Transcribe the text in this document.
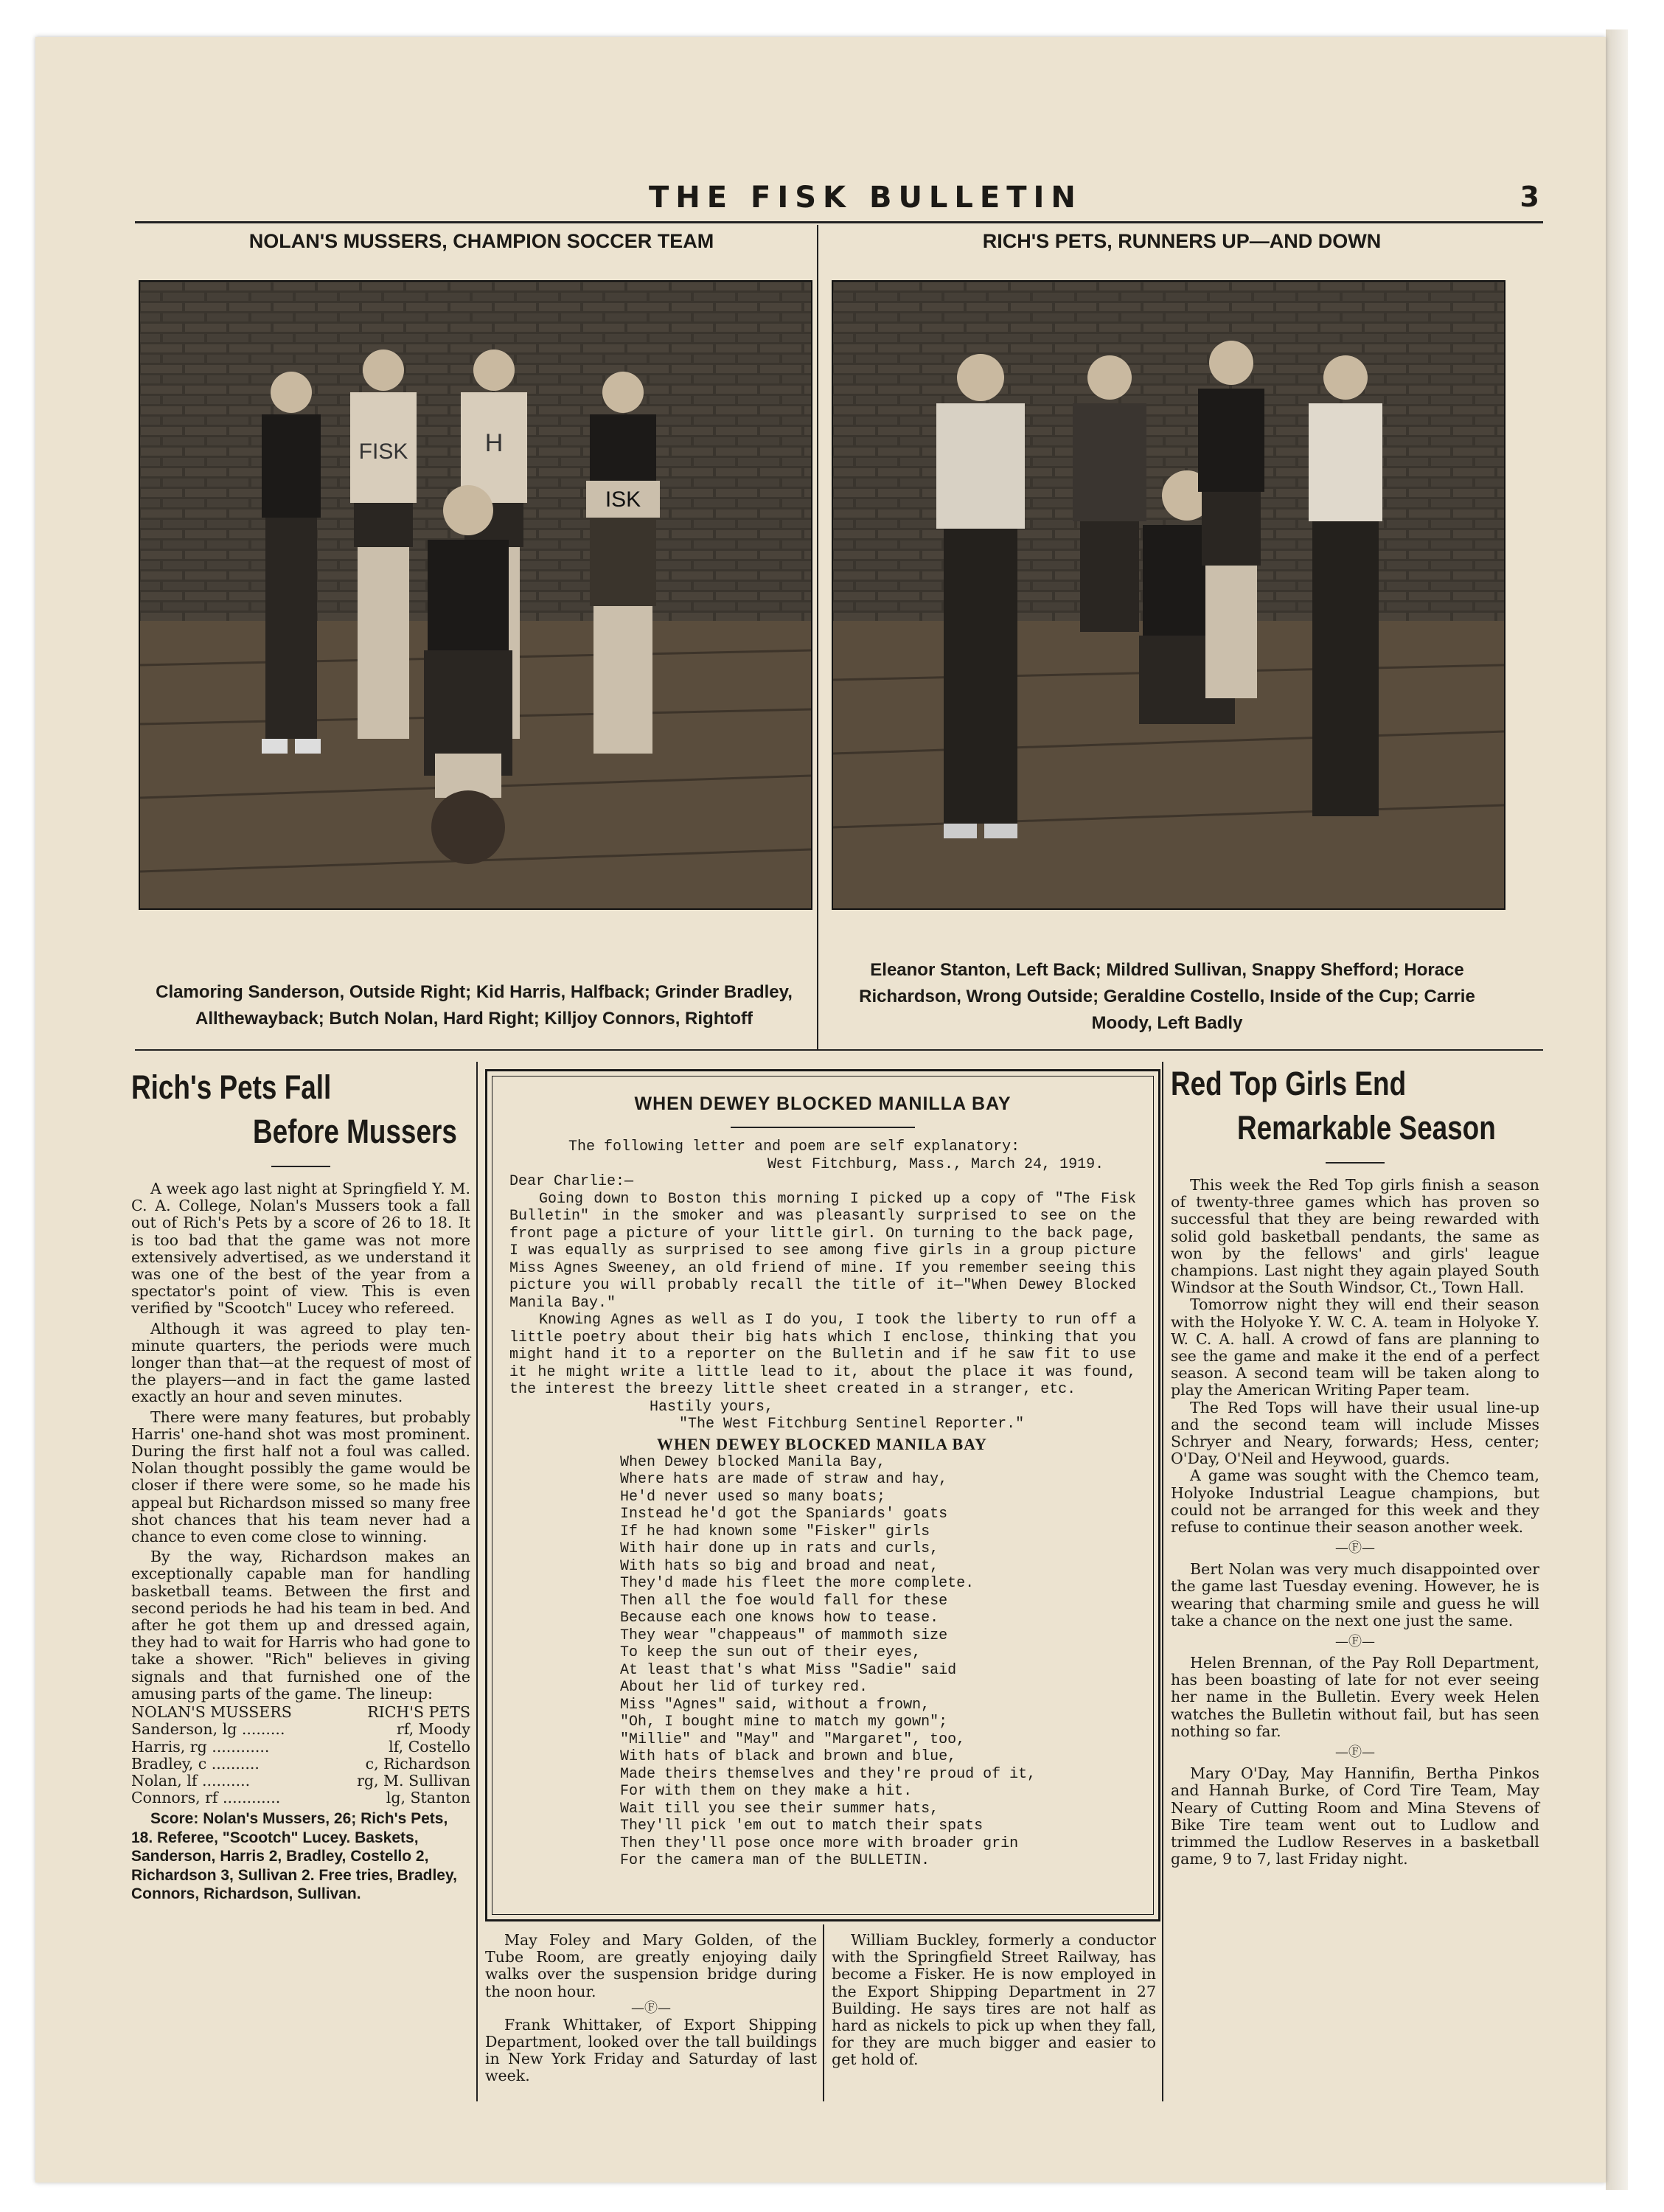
THE FISK BULLETIN	3
NOLAN'S MUSSERS, CHAMPION SOCCER TEAM	RICH'S PETS, RUNNERS UP—AND DOWN
FISK	H
ISK
Clamoring Sanderson, Outside Right; Kid Harris, Halfback; Grinder Bradley, Allthewayback; Butch Nolan, Hard Right; Killjoy Connors, Rightoff
Eleanor Stanton, Left Back; Mildred Sullivan, Snappy Shefford; Horace Richardson, Wrong Outside; Geraldine Costello, Inside of the Cup; Carrie Moody, Left Badly
Rich's Pets Fall
Before Mussers

A week ago last night at Springfield Y. M. C. A. College, Nolan's Mussers took a fall out of Rich's Pets by a score of 26 to 18. It is too bad that the game was not more extensively advertised, as we understand it was one of the best of the year from a spectator's point of view. This is even verified by "Scootch" Lucey who refereed.

Although it was agreed to play ten-minute quarters, the periods were much longer than that—at the request of most of the players—and in fact the game lasted exactly an hour and seven minutes.

There were many features, but probably Harris' one-hand shot was most prominent. During the first half not a foul was called. Nolan thought possibly the game would be closer if there were some, so he made his appeal but Richardson missed so many free shot chances that his team never had a chance to even come close to winning.

By the way, Richardson makes an exceptionally capable man for handling basketball teams. Between the first and second periods he had his team in bed. And after he got them up and dressed again, they had to wait for Harris who had gone to take a shower. "Rich" believes in giving signals and that furnished one of the amusing parts of the game. The lineup:

NOLAN'S MUSSERS	RICH'S PETS
Sanderson, lg .........	rf, Moody
Harris, rg ............	lf, Costello
Bradley, c ..........	c, Richardson
Nolan, lf ..........	rg, M. Sullivan
Connors, rf ............	lg, Stanton
Score: Nolan's Mussers, 26; Rich's Pets, 18. Referee, "Scootch" Lucey. Baskets, Sanderson, Harris 2, Bradley, Costello 2, Richardson 3, Sullivan 2. Free tries, Bradley, Connors, Richardson, Sullivan.
WHEN DEWEY BLOCKED MANILLA BAY
The following letter and poem are self explanatory:
West Fitchburg, Mass., March 24, 1919.
Dear Charlie:—
Going down to Boston this morning I picked up a copy of "The Fisk Bulletin" in the smoker and was pleasantly surprised to see on the front page a picture of your little girl. On turning to the back page, I was equally as surprised to see among five girls in a group picture Miss Agnes Sweeney, an old friend of mine. If you remember seeing this picture you will probably recall the title of it—"When Dewey Blocked Manila Bay."
Knowing Agnes as well as I do you, I took the liberty to run off a little poetry about their big hats which I enclose, thinking that you might hand it to a reporter on the Bulletin and if he saw fit to use it he might write a little lead to it, about the place it was found, the interest the breezy little sheet created in a stranger, etc.
Hastily yours,
"The West Fitchburg Sentinel Reporter."
WHEN DEWEY BLOCKED MANILA BAY
When Dewey blocked Manila Bay,
Where hats are made of straw and hay,
He'd never used so many boats;
Instead he'd got the Spaniards' goats
If he had known some "Fisker" girls
With hair done up in rats and curls,
With hats so big and broad and neat,
They'd made his fleet the more complete.
Then all the foe would fall for these
Because each one knows how to tease.
They wear "chappeaus" of mammoth size
To keep the sun out of their eyes,
At least that's what Miss "Sadie" said
About her lid of turkey red.
Miss "Agnes" said, without a frown,
"Oh, I bought mine to match my gown";
"Millie" and "May" and "Margaret", too,
With hats of black and brown and blue,
Made theirs themselves and they're proud of it,
For with them on they make a hit.
Wait till you see their summer hats,
They'll pick 'em out to match their spats
Then they'll pose once more with broader grin
For the camera man of the BULLETIN.

May Foley and Mary Golden, of the Tube Room, are greatly enjoying daily walks over the suspension bridge during the noon hour.

—Ⓕ—

Frank Whittaker, of Export Shipping Department, looked over the tall buildings in New York Friday and Saturday of last week.

William Buckley, formerly a conductor with the Springfield Street Railway, has become a Fisker. He is now employed in the Export Shipping Department in 27 Building. He says tires are not half as hard as nickels to pick up when they fall, for they are much bigger and easier to get hold of.

Red Top Girls End
Remarkable Season

This week the Red Top girls finish a season of twenty-three games which has proven so successful that they are being rewarded with solid gold basketball pendants, the same as won by the fellows' and girls' league champions. Last night they again played South Windsor at the South Windsor, Ct., Town Hall.

Tomorrow night they will end their season with the Holyoke Y. W. C. A. team in Holyoke Y. W. C. A. hall. A crowd of fans are planning to see the game and make it the end of a perfect season. A second team will be taken along to play the American Writing Paper team.

The Red Tops will have their usual line-up and the second team will include Misses Schryer and Neary, forwards; Hess, center; O'Day, O'Neil and Heywood, guards.

A game was sought with the Chemco team, Holyoke Industrial League champions, but could not be arranged for this week and they refuse to continue their season another week.

—Ⓕ—

Bert Nolan was very much disappointed over the game last Tuesday evening. However, he is wearing that charming smile and guess he will take a chance on the next one just the same.

—Ⓕ—

Helen Brennan, of the Pay Roll Department, has been boasting of late for not ever seeing her name in the Bulletin. Every week Helen watches the Bulletin without fail, but has seen nothing so far.

—Ⓕ—

Mary O'Day, May Hannifin, Bertha Pinkos and Hannah Burke, of Cord Tire Team, May Neary of Cutting Room and Mina Stevens of Bike Tire team went out to Ludlow and trimmed the Ludlow Reserves in a basketball game, 9 to 7, last Friday night.
